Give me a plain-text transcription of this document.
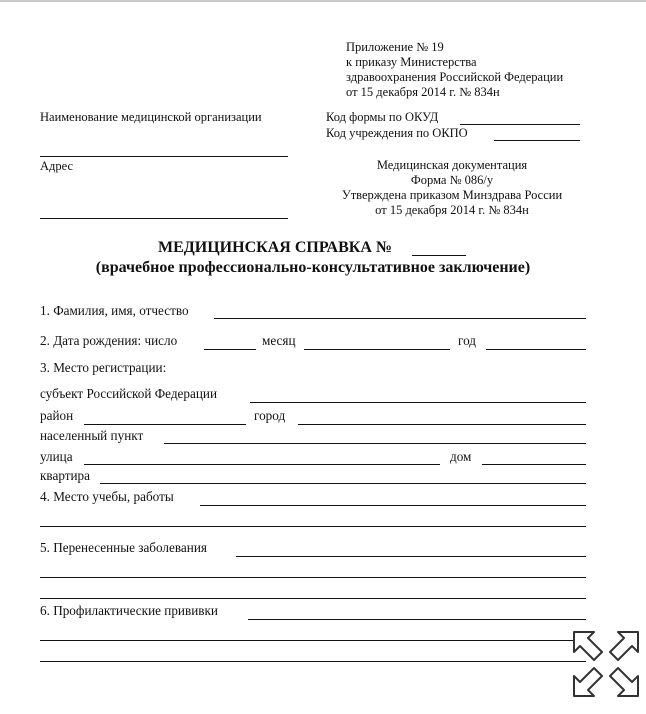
Приложение № 19
к приказу Министерства
здравоохранения Российской Федерации
от 15 декабря 2014 г. № 834н
Наименование медицинской организации	Код формы по ОКУД
Код учреждения по ОКПО
Адрес	Медицинская документация
Форма № 086/у
Утверждена приказом Минздрава России
от 15 декабря 2014 г. № 834н
МЕДИЦИНСКАЯ СПРАВКА №
(врачебное профессионально-консультативное заключение)
1. Фамилия, имя, отчество
2. Дата рождения: число	месяц	год
3. Место регистрации:
субъект Российской Федерации
район	город
населенный пункт
улица	дом
квартира
4. Место учебы, работы
5. Перенесенные заболевания
6. Профилактические прививки
